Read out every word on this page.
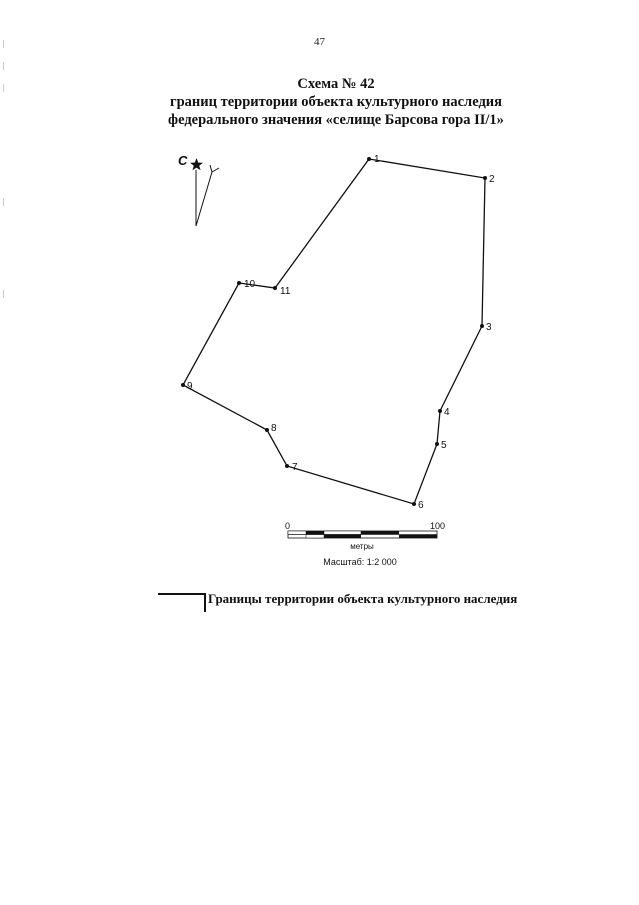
47
Схема № 42
границ территории объекта культурного наследия
федерального значения «селище Барсова гора II/1»
С	1
2
3
4
5
6
7
8
9
10
11
0	100
метры
Масштаб: 1:2 000
Границы территории объекта культурного наследия
